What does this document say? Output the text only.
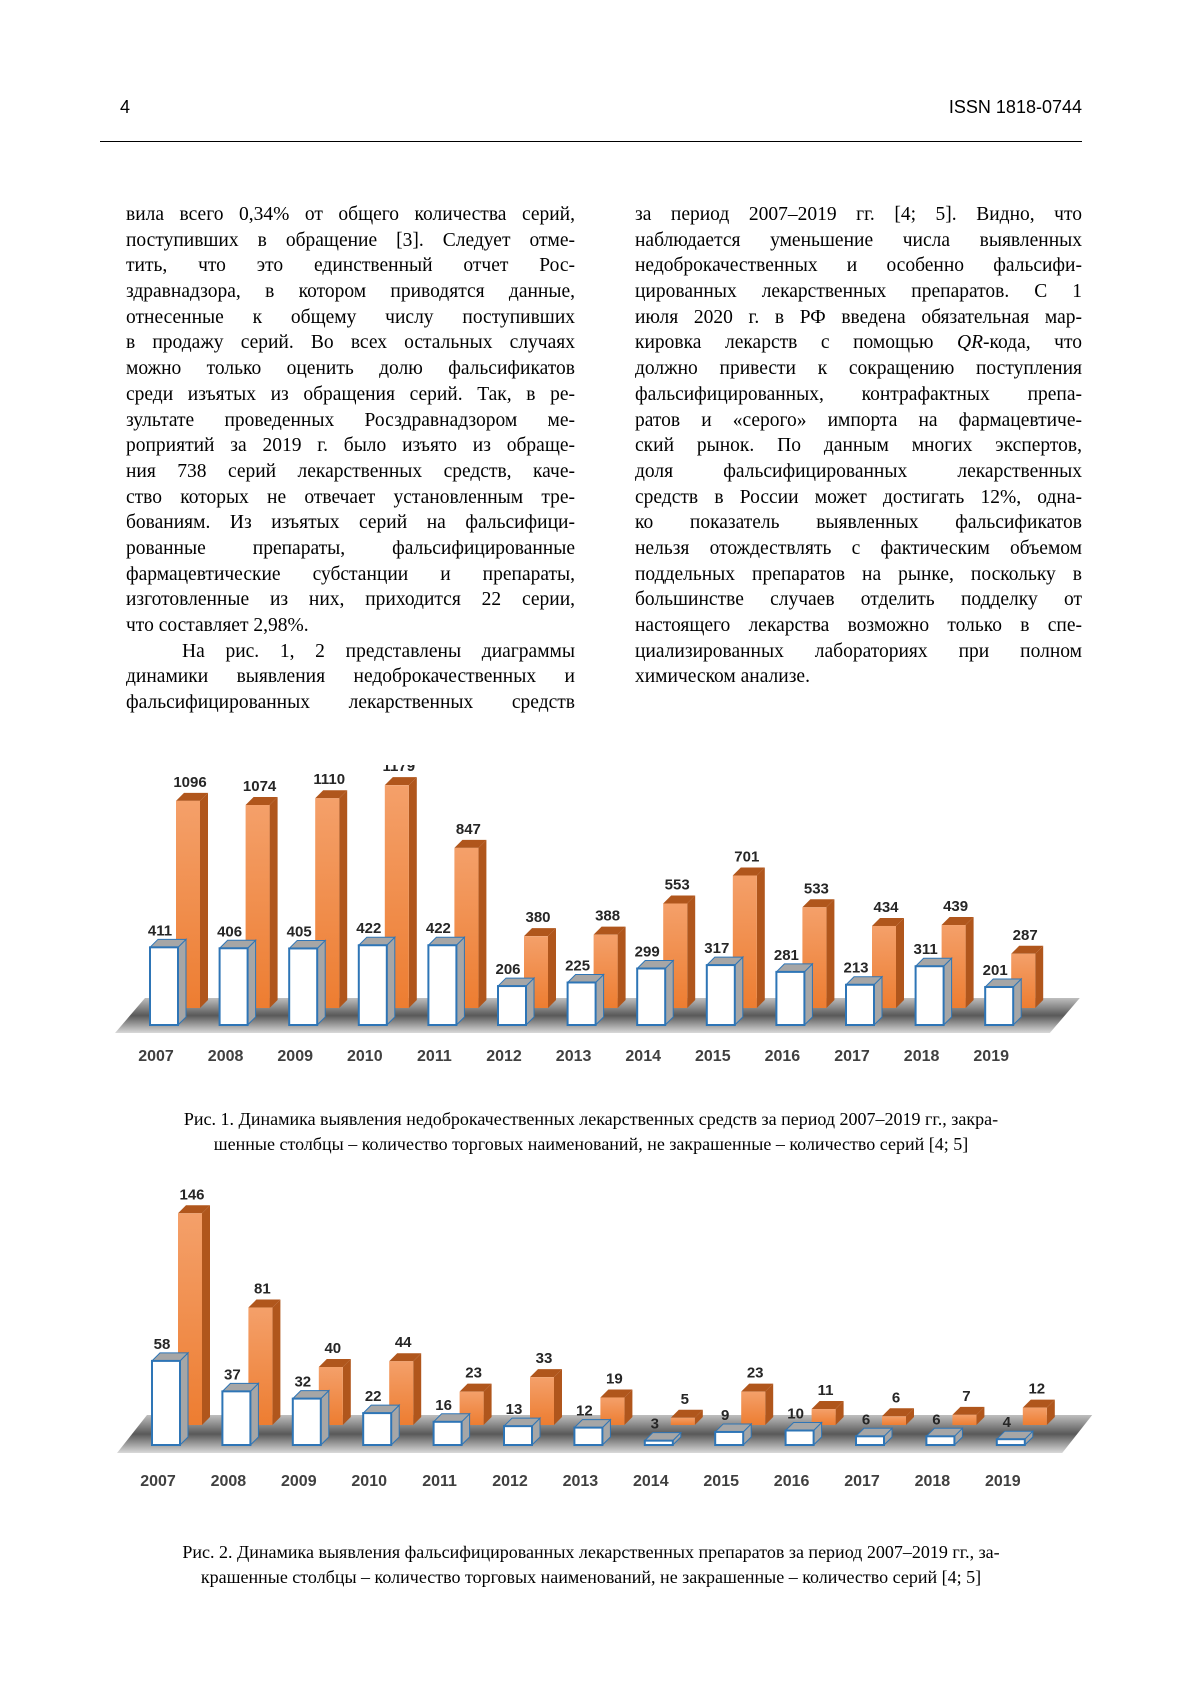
4	ISSN 1818-0744
вила всего 0,34% от общего количества серий,
поступивших в обращение [3]. Следует отме-
тить, что это единственный отчет Рос-
здравнадзора, в котором приводятся данные,
отнесенные к общему числу поступивших
в продажу серий. Во всех остальных случаях
можно только оценить долю фальсификатов
среди изъятых из обращения серий. Так, в ре-
зультате проведенных Росздравнадзором ме-
роприятий за 2019 г. было изъято из обраще-
ния 738 серий лекарственных средств, каче-
ство которых не отвечает установленным тре-
бованиям. Из изъятых серий на фальсифици-
рованные препараты, фальсифицированные
фармацевтические субстанции и препараты,
изготовленные из них, приходится 22 серии,
что составляет 2,98%.
На рис. 1, 2 представлены диаграммы
динамики выявления недоброкачественных и
фальсифицированных лекарственных средств
за период 2007–2019 гг. [4; 5]. Видно, что
наблюдается уменьшение числа выявленных
недоброкачественных и особенно фальсифи-
цированных лекарственных препаратов. С 1
июля 2020 г. в РФ введена обязательная мар-
кировка лекарств с помощью QR-кода, что
должно привести к сокращению поступления
фальсифицированных, контрафактных препа-
ратов и «серого» импорта на фармацевтиче-
ский рынок. По данным многих экспертов,
доля фальсифицированных лекарственных
средств в России может достигать 12%, одна-
ко показатель выявленных фальсификатов
нельзя отождествлять с фактическим объемом
поддельных препаратов на рынке, поскольку в
большинстве случаев отделить подделку от
настоящего лекарства возможно только в спе-
циализированных лабораториях при полном
химическом анализе.
1096
411
2007
1074
406
2008
1110
405
2009
1179
422
2010
847
422
2011
380
206
2012
388
225
2013
553
299
2014
701
317
2015
533
281
2016
434
213
2017
439
311
2018
287
201
2019
Рис. 1. Динамика выявления недоброкачественных лекарственных средств за период 2007–2019 гг., закра-
шенные столбцы – количество торговых наименований, не закрашенные – количество серий [4; 5]
146
58
2007
81
37
2008
40
32
2009
44
22
2010
23
16
2011
33
13
2012
19
12
2013
5
3
2014
23
9
2015
11
10
2016
6
6
2017
7
6
2018
12
4
2019
Рис. 2. Динамика выявления фальсифицированных лекарственных препаратов за период 2007–2019 гг., за-
крашенные столбцы – количество торговых наименований, не закрашенные – количество серий [4; 5]
